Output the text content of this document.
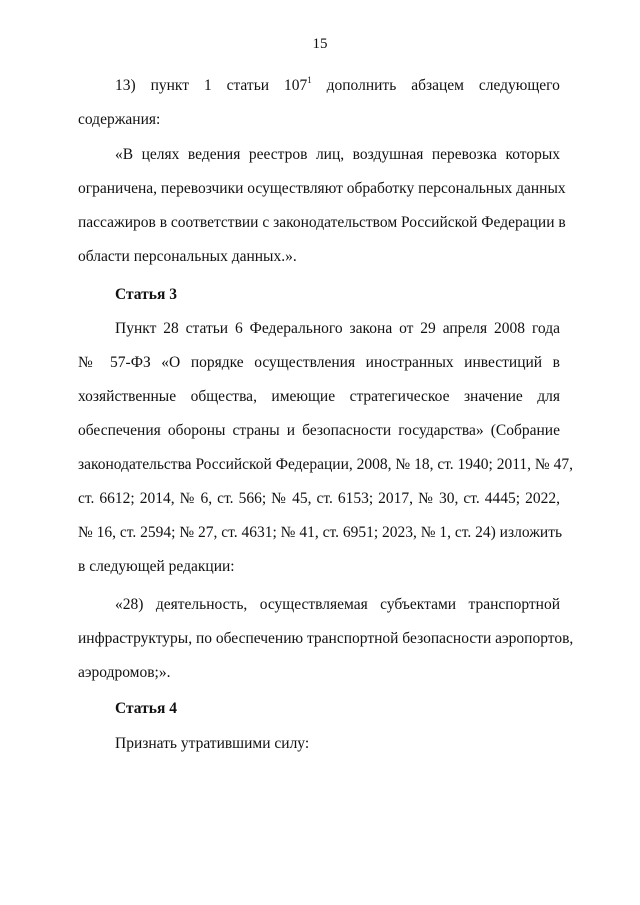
15
13) пункт 1 статьи $107^1$ дополнить абзацем следующего
содержания:
«В целях ведения реестров лиц, воздушная перевозка которых
ограничена, перевозчики осуществляют обработку персональных данных
пассажиров в соответствии с законодательством Российской Федерации в
области персональных данных.».
Статья 3
Пункт 28 статьи 6 Федерального закона от 29 апреля 2008 года
№ 57-ФЗ «О порядке осуществления иностранных инвестиций в
хозяйственные общества, имеющие стратегическое значение для
обеспечения обороны страны и безопасности государства» (Собрание
законодательства Российской Федерации, 2008, № 18, ст. 1940; 2011, № 47,
ст. 6612; 2014, № 6, ст. 566; № 45, ст. 6153; 2017, № 30, ст. 4445; 2022,
№ 16, ст. 2594; № 27, ст. 4631; № 41, ст. 6951; 2023, № 1, ст. 24) изложить
в следующей редакции:
«28) деятельность, осуществляемая субъектами транспортной
инфраструктуры, по обеспечению транспортной безопасности аэропортов,
аэродромов;».
Статья 4
Признать утратившими силу:
